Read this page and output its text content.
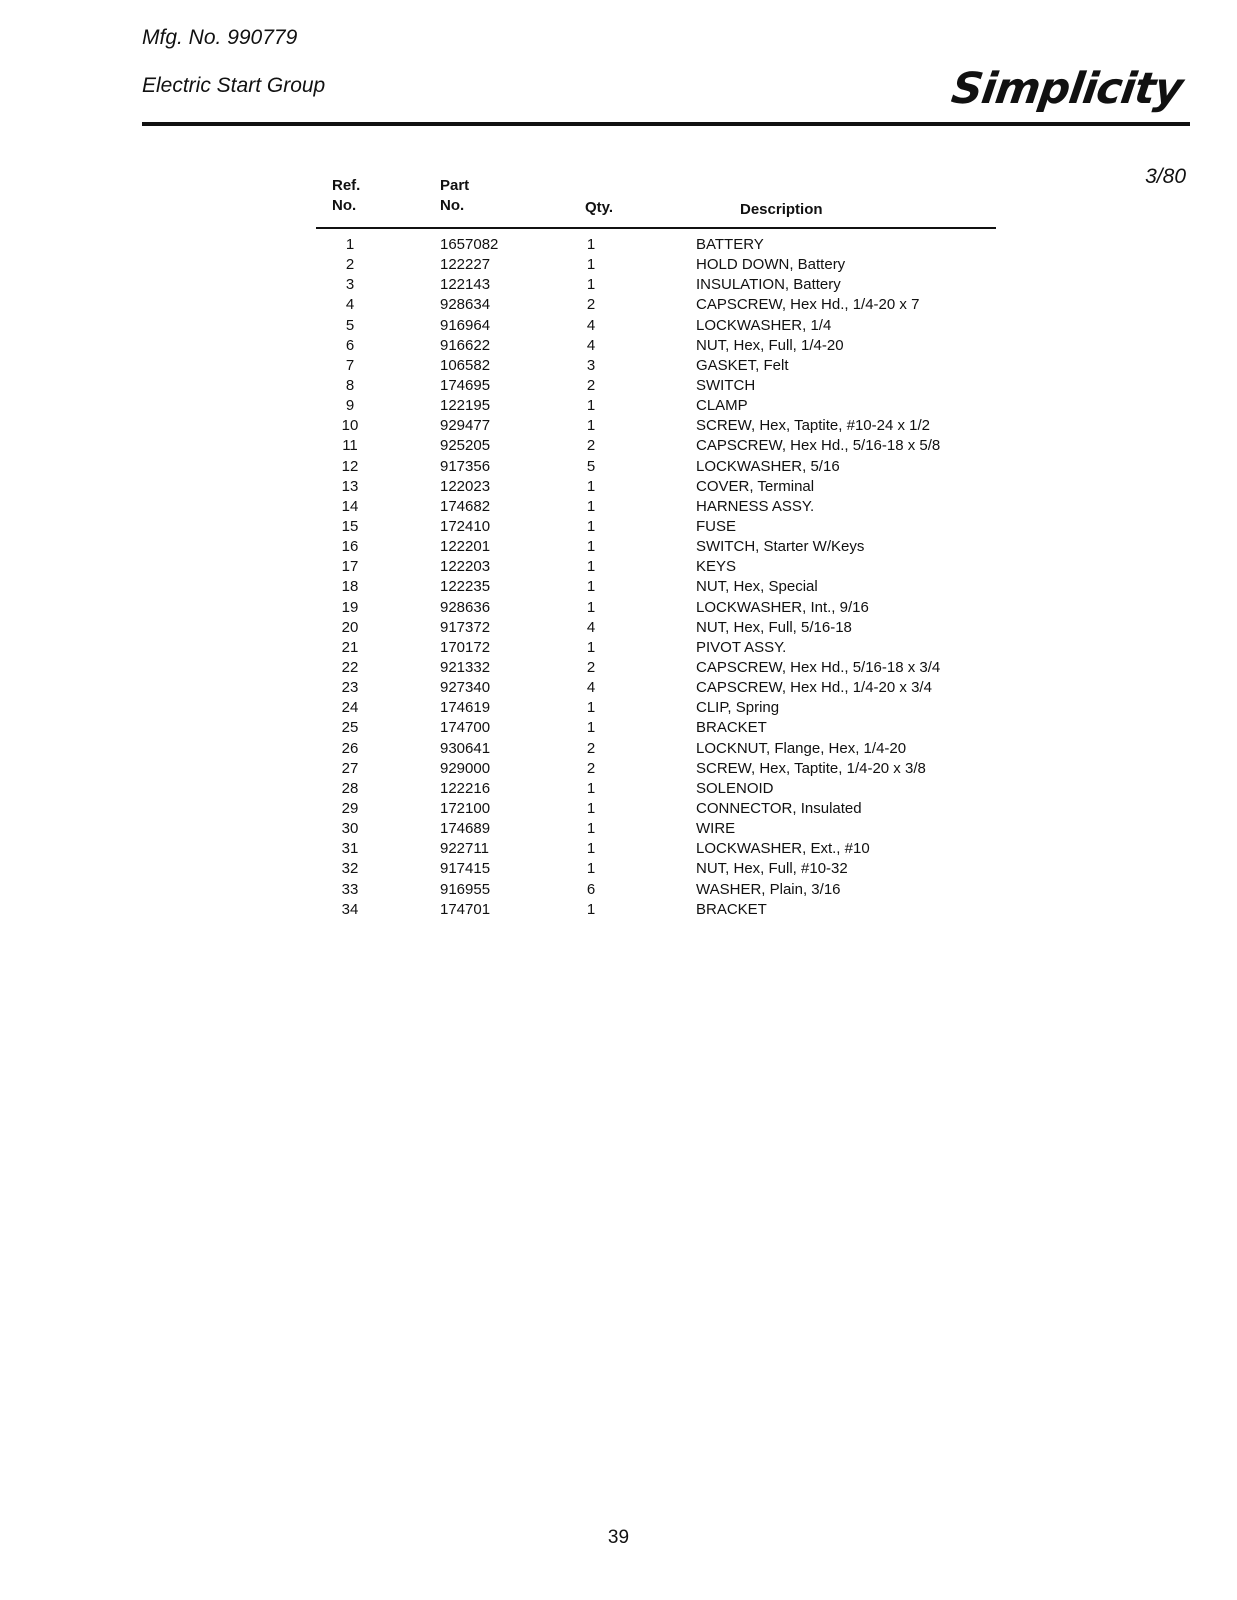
Mfg. No. 990779
Electric Start Group	Simplicity
3/80
Ref.
No.
Part
No.	Qty.	Description
1	1657082	1	BATTERY
2	122227	1	HOLD DOWN, Battery
3	122143	1	INSULATION, Battery
4	928634	2	CAPSCREW, Hex Hd., 1/4-20 x 7
5	916964	4	LOCKWASHER, 1/4
6	916622	4	NUT, Hex, Full, 1/4-20
7	106582	3	GASKET, Felt
8	174695	2	SWITCH
9	122195	1	CLAMP
10	929477	1	SCREW, Hex, Taptite, #10-24 x 1/2
11	925205	2	CAPSCREW, Hex Hd., 5/16-18 x 5/8
12	917356	5	LOCKWASHER, 5/16
13	122023	1	COVER, Terminal
14	174682	1	HARNESS ASSY.
15	172410	1	FUSE
16	122201	1	SWITCH, Starter W/Keys
17	122203	1	KEYS
18	122235	1	NUT, Hex, Special
19	928636	1	LOCKWASHER, Int., 9/16
20	917372	4	NUT, Hex, Full, 5/16-18
21	170172	1	PIVOT ASSY.
22	921332	2	CAPSCREW, Hex Hd., 5/16-18 x 3/4
23	927340	4	CAPSCREW, Hex Hd., 1/4-20 x 3/4
24	174619	1	CLIP, Spring
25	174700	1	BRACKET
26	930641	2	LOCKNUT, Flange, Hex, 1/4-20
27	929000	2	SCREW, Hex, Taptite, 1/4-20 x 3/8
28	122216	1	SOLENOID
29	172100	1	CONNECTOR, Insulated
30	174689	1	WIRE
31	922711	1	LOCKWASHER, Ext., #10
32	917415	1	NUT, Hex, Full, #10-32
33	916955	6	WASHER, Plain, 3/16
34	174701	1	BRACKET
39
